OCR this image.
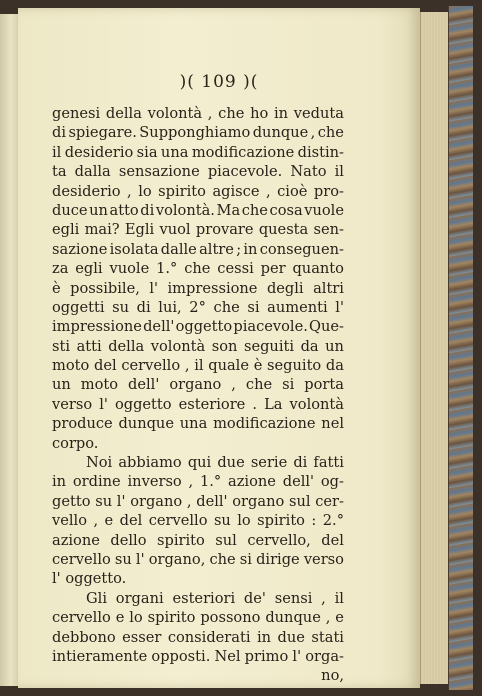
)( 109 )(
genesi della volontà , che ho in veduta
di spiegare. Supponghiamo dunque , che
il desiderio sia una modificazione distin-
ta dalla sensazione piacevole. Nato il
desiderio , lo spirito agisce , cioè pro-
duce un atto di volontà. Ma che cosa vuole
egli mai? Egli vuol provare questa sen-
sazione isolata dalle altre ; in conseguen-
za egli vuole 1.° che cessi per quanto
è possibile, l' impressione degli altri
oggetti su di lui, 2° che si aumenti l'
impressione dell' oggetto piacevole. Que-
sti atti della volontà son seguiti da un
moto del cervello , il quale è seguito da
un moto dell' organo , che si porta
verso l' oggetto esteriore . La volontà
produce dunque una modificazione nel
corpo.
Noi abbiamo qui due serie di fatti
in ordine inverso , 1.° azione dell' og-
getto su l' organo , dell' organo sul cer-
vello , e del cervello su lo spirito : 2.°
azione dello spirito sul cervello, del
cervello su l' organo, che si dirige verso
l' oggetto.
Gli organi esteriori de' sensi , il
cervello e lo spirito possono dunque , e
debbono esser considerati in due stati
intieramente opposti. Nel primo l' orga-
no,
